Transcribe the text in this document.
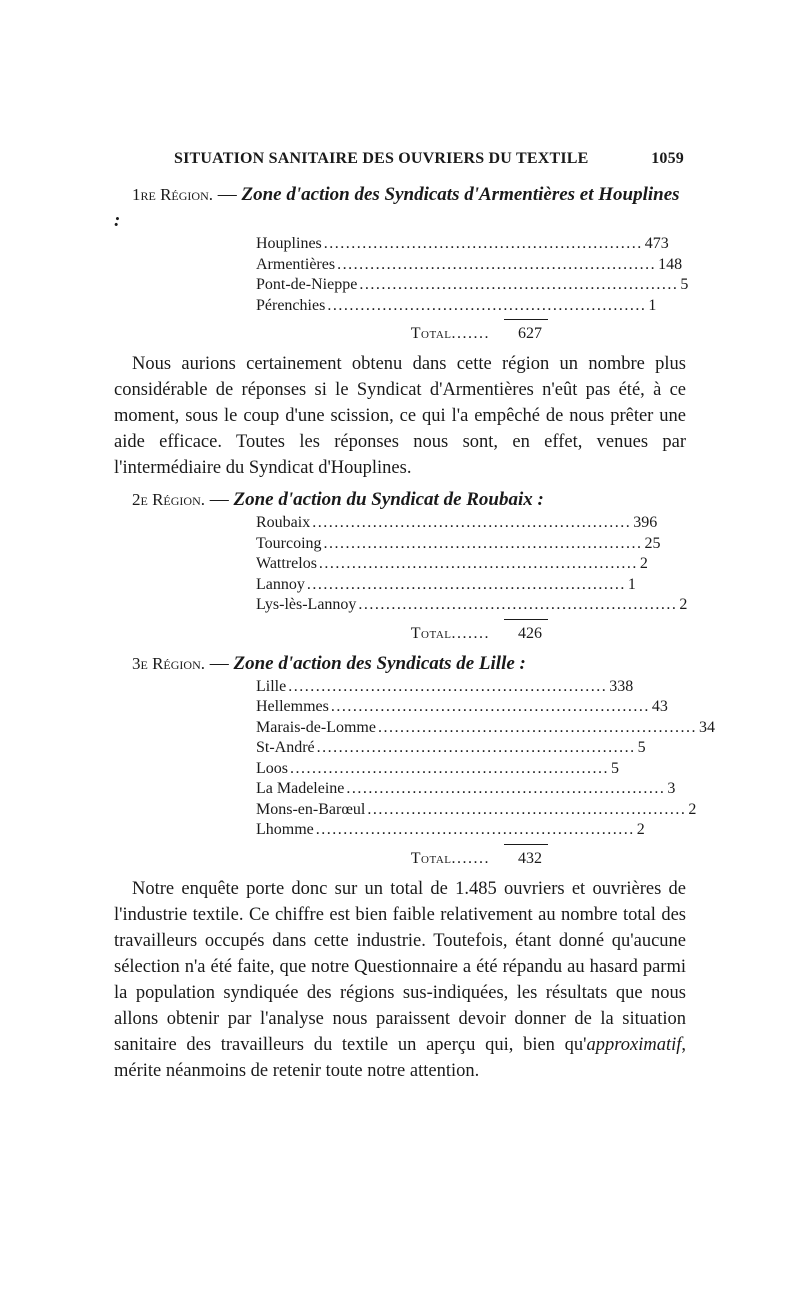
SITUATION SANITAIRE DES OUVRIERS DU TEXTILE	1059

1re Région. — Zone d'action des Syndicats d'Armentières et Houplines :

Houplines .......................................................... 473
Armentières .......................................................... 148
Pont-de-Nieppe .......................................................... 5
Pérenchies .......................................................... 1
Total .......	627

Nous aurions certainement obtenu dans cette région un nombre plus considérable de réponses si le Syndicat d'Armentières n'eût pas été, à ce moment, sous le coup d'une scission, ce qui l'a empêché de nous prêter une aide efficace. Toutes les réponses nous sont, en effet, venues par l'intermédiaire du Syndicat d'Houplines.

2e Région. — Zone d'action du Syndicat de Roubaix :

Roubaix .......................................................... 396
Tourcoing .......................................................... 25
Wattrelos .......................................................... 2
Lannoy .......................................................... 1
Lys-lès-Lannoy .......................................................... 2
Total .......	426

3e Région. — Zone d'action des Syndicats de Lille :

Lille .......................................................... 338
Hellemmes .......................................................... 43
Marais-de-Lomme .......................................................... 34
St-André .......................................................... 5
Loos .......................................................... 5
La Madeleine .......................................................... 3
Mons-en-Barœul .......................................................... 2
Lhomme .......................................................... 2
Total .......	432

Notre enquête porte donc sur un total de 1.485 ouvriers et ouvrières de l'industrie textile. Ce chiffre est bien faible relativement au nombre total des travailleurs occupés dans cette industrie. Toutefois, étant donné qu'aucune sélection n'a été faite, que notre Questionnaire a été répandu au hasard parmi la population syndiquée des régions sus-indiquées, les résultats que nous allons obtenir par l'analyse nous paraissent devoir donner de la situation sanitaire des travailleurs du textile un aperçu qui, bien qu'approximatif, mérite néanmoins de retenir toute notre attention.
